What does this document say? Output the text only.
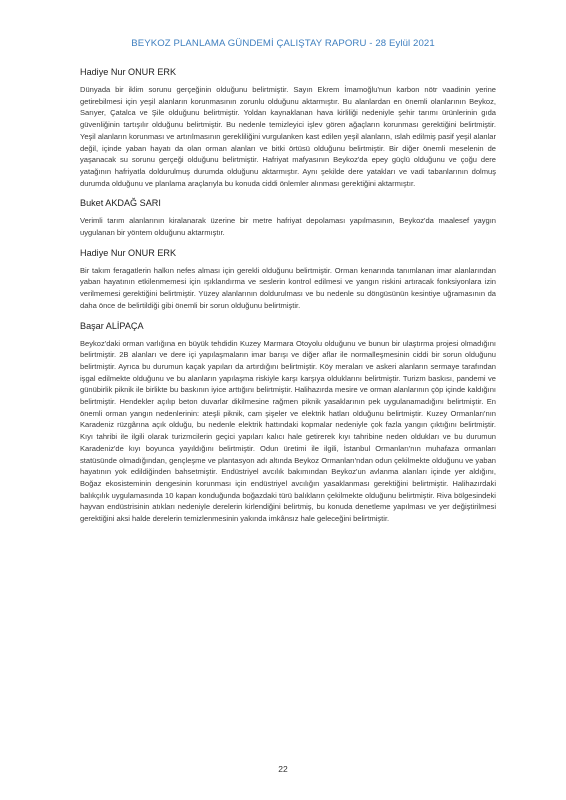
BEYKOZ PLANLAMA GÜNDEMİ ÇALIŞTAY RAPORU - 28 Eylül 2021

Hadiye Nur ONUR ERK

Dünyada bir iklim sorunu gerçeğinin olduğunu belirtmiştir. Sayın Ekrem İmamoğlu'nun karbon nötr vaadinin yerine getirebilmesi için yeşil alanların korunmasının zorunlu olduğunu aktarmıştır. Bu alanlardan en önemli olanlarının Beykoz, Sarıyer, Çatalca ve Şile olduğunu belirtmiştir. Yoldan kaynaklanan hava kirliliği nedeniyle şehir tarımı ürünlerinin gıda güvenliğinin tartışılır olduğunu belirtmiştir. Bu nedenle temizleyici işlev gören ağaçların korunması gerektiğini belirtmiştir. Yeşil alanların korunması ve artırılmasının gerekliliğini vurgulanken kast edilen yeşil alanların, ıslah edilmiş pasif yeşil alanlar değil, içinde yaban hayatı da olan orman alanları ve bitki örtüsü olduğunu belirtmiştir. Bir diğer önemli meselenin de yaşanacak su sorunu gerçeği olduğunu belirtmiştir. Hafriyat mafyasının Beykoz'da epey güçlü olduğunu ve çoğu dere yatağının hafriyatla doldurulmuş durumda olduğunu aktarmıştır. Aynı şekilde dere yatakları ve vadi tabanlarının dolmuş durumda olduğunu ve planlama araçlarıyla bu konuda ciddi önlemler alınması gerektiğini aktarmıştır.

Buket AKDAĞ SARI

Verimli tarım alanlarının kiralanarak üzerine bir metre hafriyat depolaması yapılmasının, Beykoz'da maalesef yaygın uygulanan bir yöntem olduğunu aktarmıştır.

Hadiye Nur ONUR ERK

Bir takım feragatlerin halkın nefes alması için gerekli olduğunu belirtmiştir. Orman kenarında tanımlanan imar alanlarından yaban hayatının etkilenmemesi için ışıklandırma ve seslerin kontrol edilmesi ve yangın riskini artıracak fonksiyonlara izin verilmemesi gerektiğini belirtmiştir. Yüzey alanlarının doldurulması ve bu nedenle su döngüsünün kesintiye uğramasının da daha önce de belirtildiği gibi önemli bir sorun olduğunu belirtmiştir.

Başar ALİPAÇA

Beykoz'daki orman varlığına en büyük tehdidin Kuzey Marmara Otoyolu olduğunu ve bunun bir ulaştırma projesi olmadığını belirtmiştir. 2B alanları ve dere içi yapılaşmaların imar barışı ve diğer aflar ile normalleşmesinin ciddi bir sorun olduğunu belirtmiştir. Ayrıca bu durumun kaçak yapıları da artırdığını belirtmiştir. Köy meraları ve askeri alanların sermaye tarafından işgal edilmekte olduğunu ve bu alanların yapılaşma riskiyle karşı karşıya olduklarını belirtmiştir. Turizm baskısı, pandemi ve günübirlik piknik ile birlikte bu baskının iyice arttığını belirtmiştir. Halihazırda mesire ve orman alanlarının çöp içinde kaldığını belirtmiştir. Hendekler açılıp beton duvarlar dikilmesine rağmen piknik yasaklarının pek uygulanamadığını belirtmiştir. En önemli orman yangın nedenlerinin: ateşli piknik, cam şişeler ve elektrik hatları olduğunu belirtmiştir. Kuzey Ormanları'nın Karadeniz rüzgârına açık olduğu, bu nedenle elektrik hattındaki kopmalar nedeniyle çok fazla yangın çıktığını belirtmiştir. Kıyı tahribi ile ilgili olarak turizmcilerin geçici yapıları kalıcı hale getirerek kıyı tahribine neden oldukları ve bu durumun Karadeniz'de kıyı boyunca yayıldığını belirtmiştir. Odun üretimi ile ilgili, İstanbul Ormanları'nın muhafaza ormanları statüsünde olmadığından, gençleşme ve plantasyon adı altında Beykoz Ormanları'ndan odun çekilmekte olduğunu ve yaban hayatının yok edildiğinden bahsetmiştir. Endüstriyel avcılık bakımından Beykoz'un avlanma alanları içinde yer aldığını, Boğaz ekosisteminin dengesinin korunması için endüstriyel avcılığın yasaklanması gerektiğini belirtmiştir. Halihazırdaki balıkçılık uygulamasında 10 kapan konduğunda boğazdaki türü balıkların çekilmekte olduğunu belirtmiştir. Riva bölgesindeki hayvan endüstrisinin atıkları nedeniyle derelerin kirlendiğini belirtmiş, bu konuda denetleme yapılması ve yer değiştirilmesi gerektiğini aksi halde derelerin temizlenmesinin yakında imkânsız hale geleceğini belirtmiştir.

22
